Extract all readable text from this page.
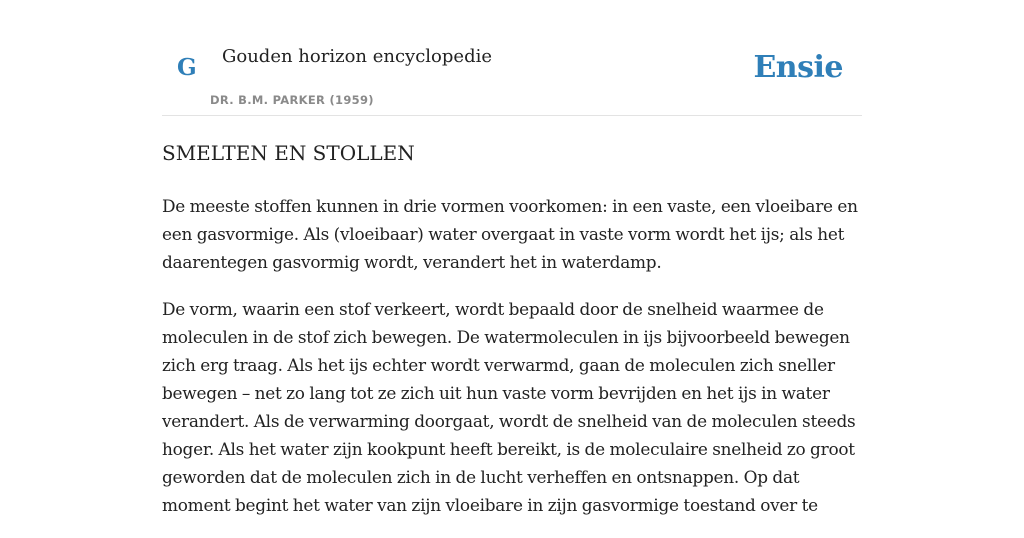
G Gouden horizon encyclopedie
DR. B.M. PARKER (1959)
Ensie
SMELTEN EN STOLLEN

De meeste stoffen kunnen in drie vormen voorkomen: in een vaste, een vloeibare en een gasvormige. Als (vloeibaar) water overgaat in vaste vorm wordt het ijs; als het daarentegen gasvormig wordt, verandert het in waterdamp.

De vorm, waarin een stof verkeert, wordt bepaald door de snelheid waarmee de moleculen in de stof zich bewegen. De watermoleculen in ijs bijvoorbeeld bewegen zich erg traag. Als het ijs echter wordt verwarmd, gaan de moleculen zich sneller bewegen – net zo lang tot ze zich uit hun vaste vorm bevrijden en het ijs in water verandert. Als de verwarming doorgaat, wordt de snelheid van de moleculen steeds hoger. Als het water zijn kookpunt heeft bereikt, is de moleculaire snelheid zo groot geworden dat de moleculen zich in de lucht verheffen en ontsnappen. Op dat moment begint het water van zijn vloeibare in zijn gasvormige toestand over te
